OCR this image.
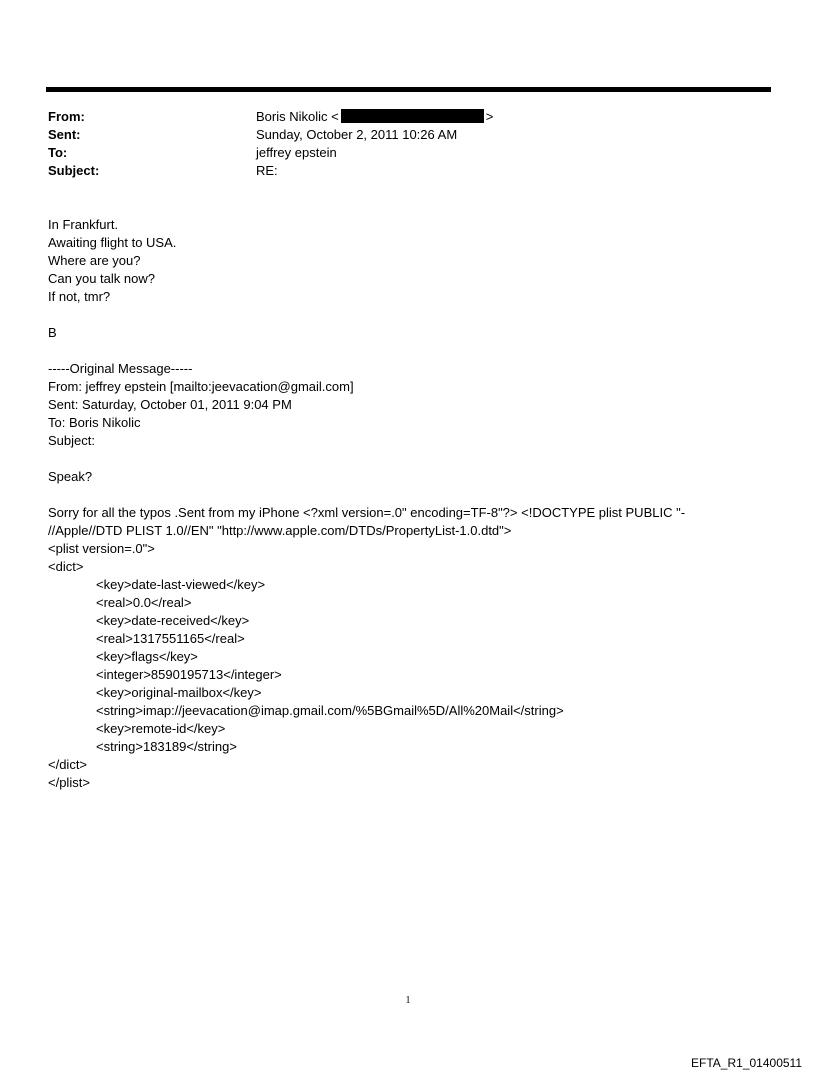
From:	Boris Nikolic <	>
Sent:	Sunday, October 2, 2011 10:26 AM
To:	jeffrey epstein
Subject:	RE:
In Frankfurt.
Awaiting flight to USA.
Where are you?
Can you talk now?
If not, tmr?
B
-----Original Message-----
From: jeffrey epstein [mailto:jeevacation@gmail.com]
Sent: Saturday, October 01, 2011 9:04 PM
To: Boris Nikolic
Subject:
Speak?
Sorry for all the typos .Sent from my iPhone <?xml version=.0" encoding=TF-8"?> <!DOCTYPE plist PUBLIC "-
//Apple//DTD PLIST 1.0//EN" "http://www.apple.com/DTDs/PropertyList-1.0.dtd">
<plist version=.0">
<dict>
<key>date-last-viewed</key>
<real>0.0</real>
<key>date-received</key>
<real>1317551165</real>
<key>flags</key>
<integer>8590195713</integer>
<key>original-mailbox</key>
<string>imap://jeevacation@imap.gmail.com/%5BGmail%5D/All%20Mail</string>
<key>remote-id</key>
<string>183189</string>
</dict>
</plist>
1
EFTA_R1_01400511
